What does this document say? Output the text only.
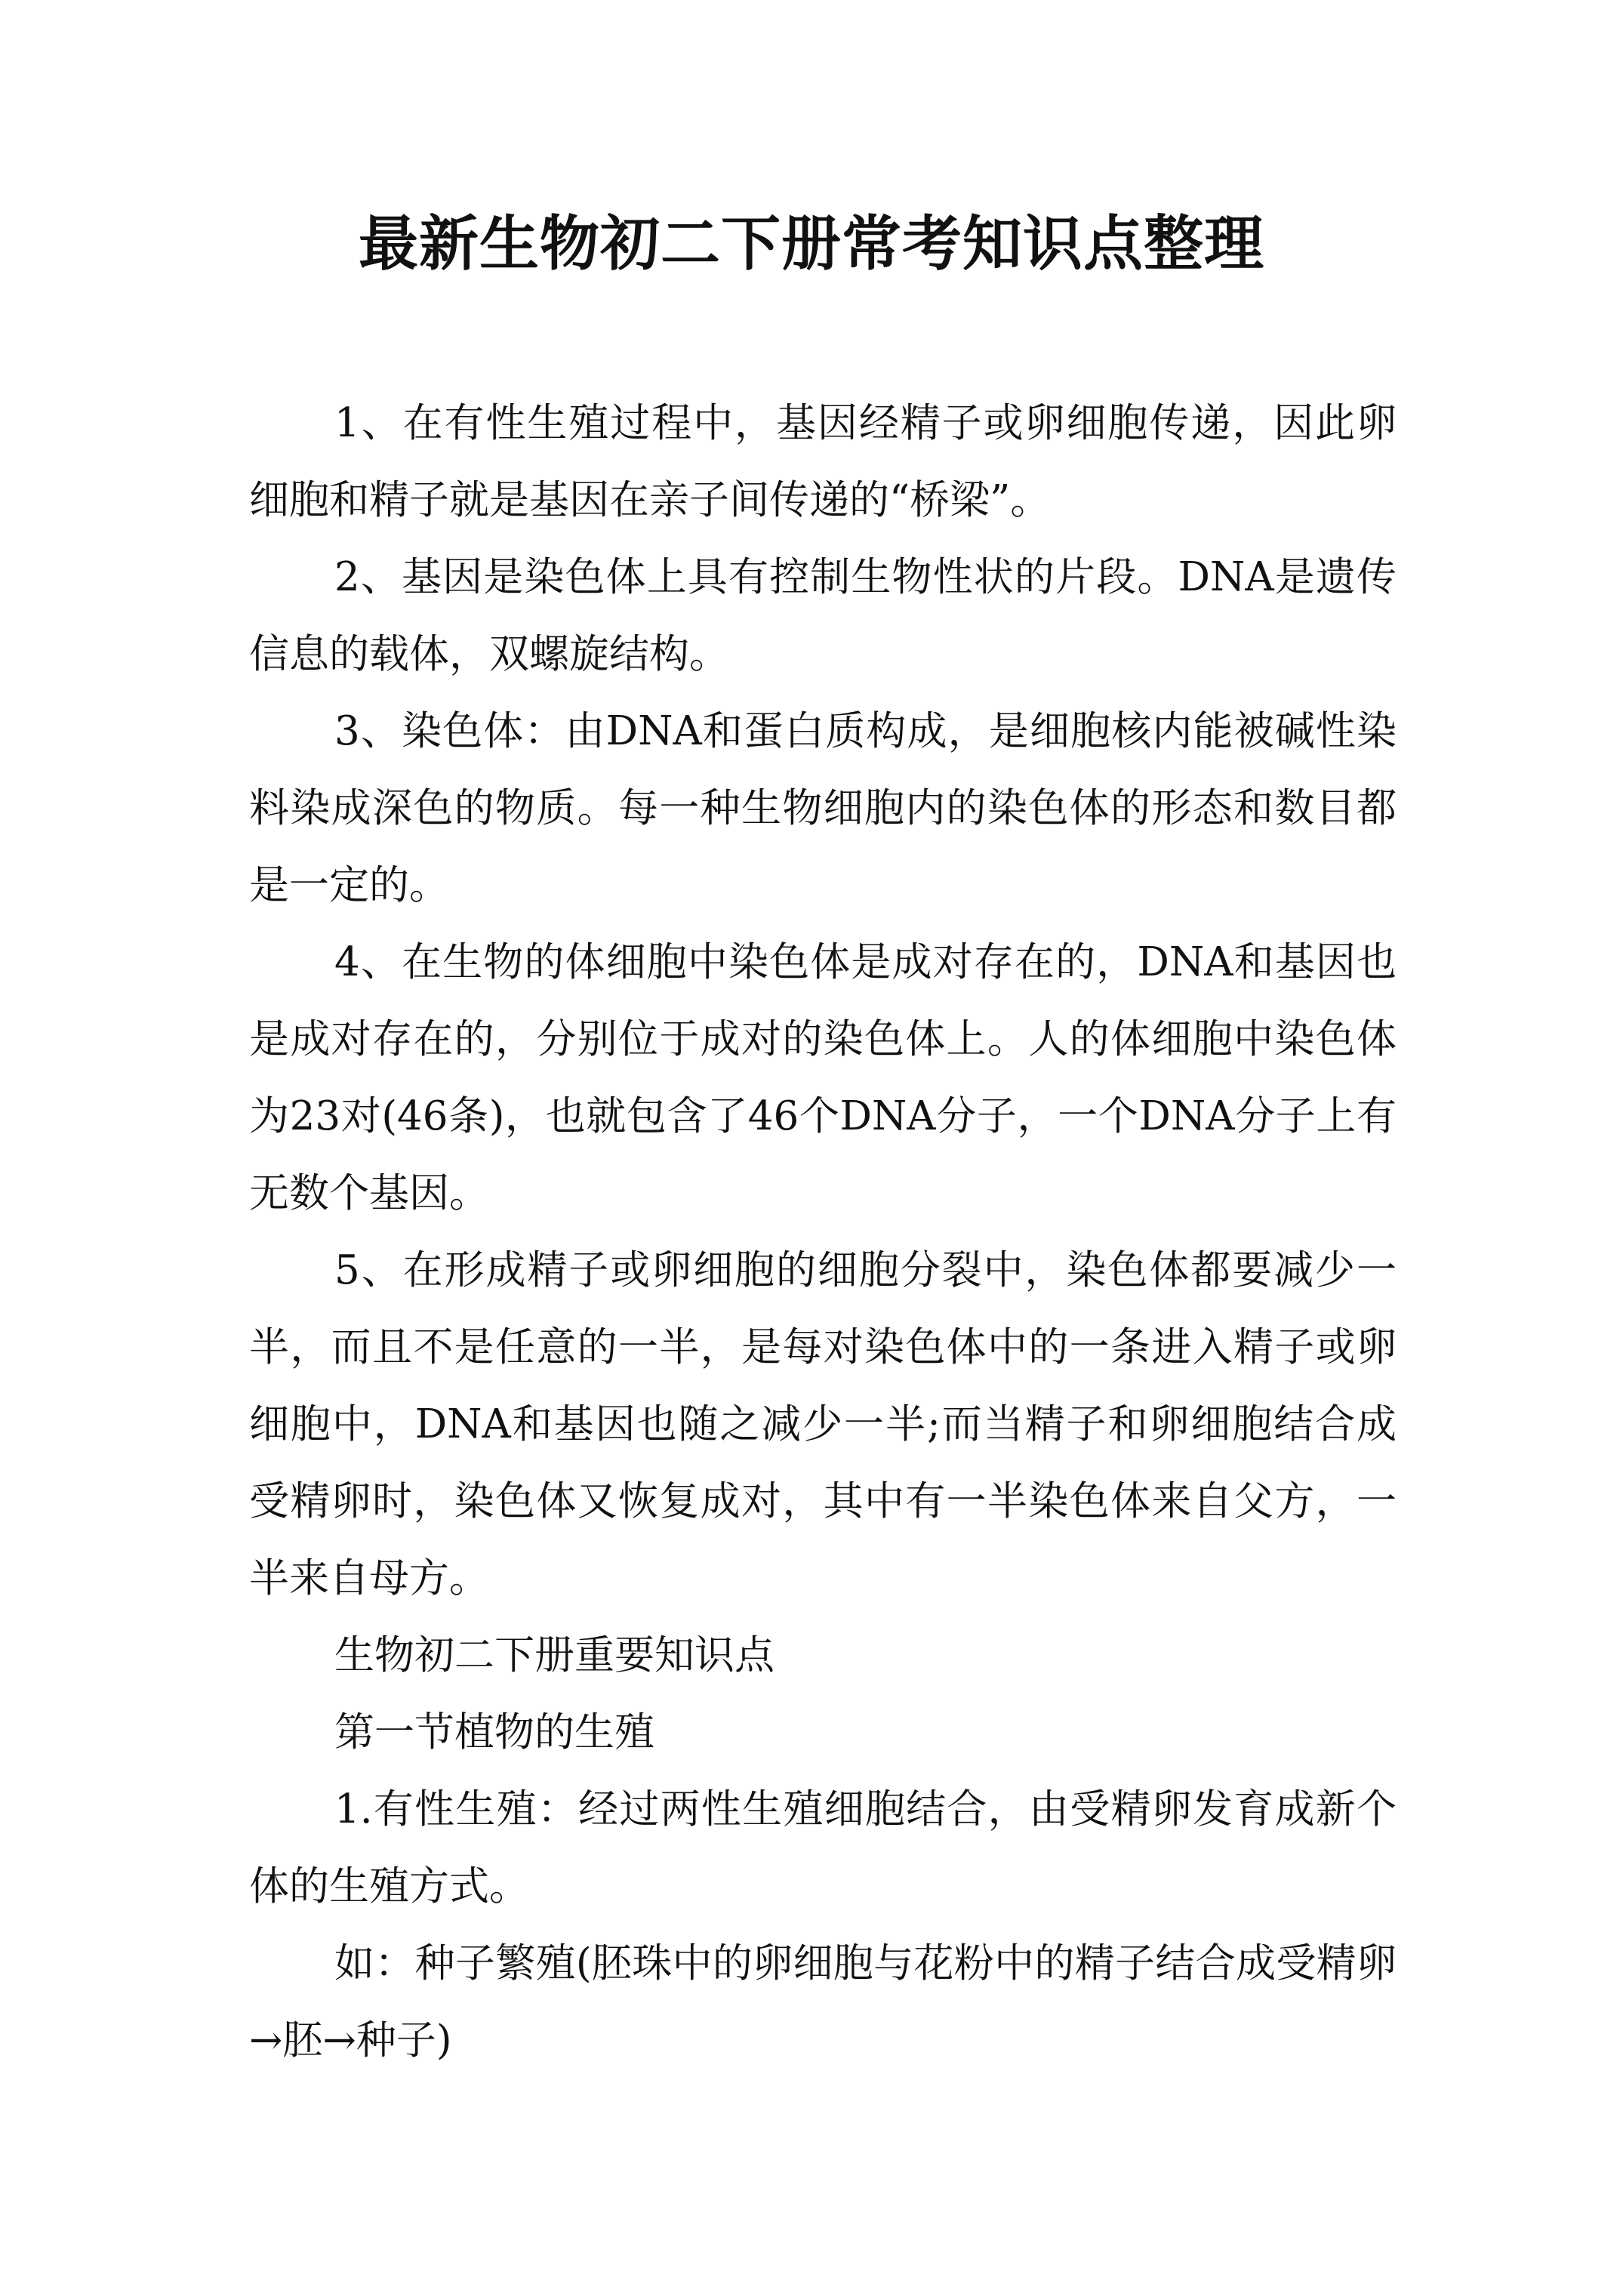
最新生物初二下册常考知识点整理

1、在有性生殖过程中，基因经精子或卵细胞传递，因此卵细胞和精子就是基因在亲子间传递的“桥梁”。

2、基因是染色体上具有控制生物性状的片段。DNA是遗传信息的载体，双螺旋结构。

3、染色体：由DNA和蛋白质构成，是细胞核内能被碱性染料染成深色的物质。每一种生物细胞内的染色体的形态和数目都是一定的。

4、在生物的体细胞中染色体是成对存在的，DNA和基因也是成对存在的，分别位于成对的染色体上。人的体细胞中染色体为23对(46条)，也就包含了46个DNA分子，一个DNA分子上有无数个基因。

5、在形成精子或卵细胞的细胞分裂中，染色体都要减少一半，而且不是任意的一半，是每对染色体中的一条进入精子或卵细胞中，DNA和基因也随之减少一半;而当精子和卵细胞结合成受精卵时，染色体又恢复成对，其中有一半染色体来自父方，一半来自母方。

生物初二下册重要知识点

第一节植物的生殖

1.有性生殖：经过两性生殖细胞结合，由受精卵发育成新个体的生殖方式。

如：种子繁殖(胚珠中的卵细胞与花粉中的精子结合成受精卵→胚→种子)
